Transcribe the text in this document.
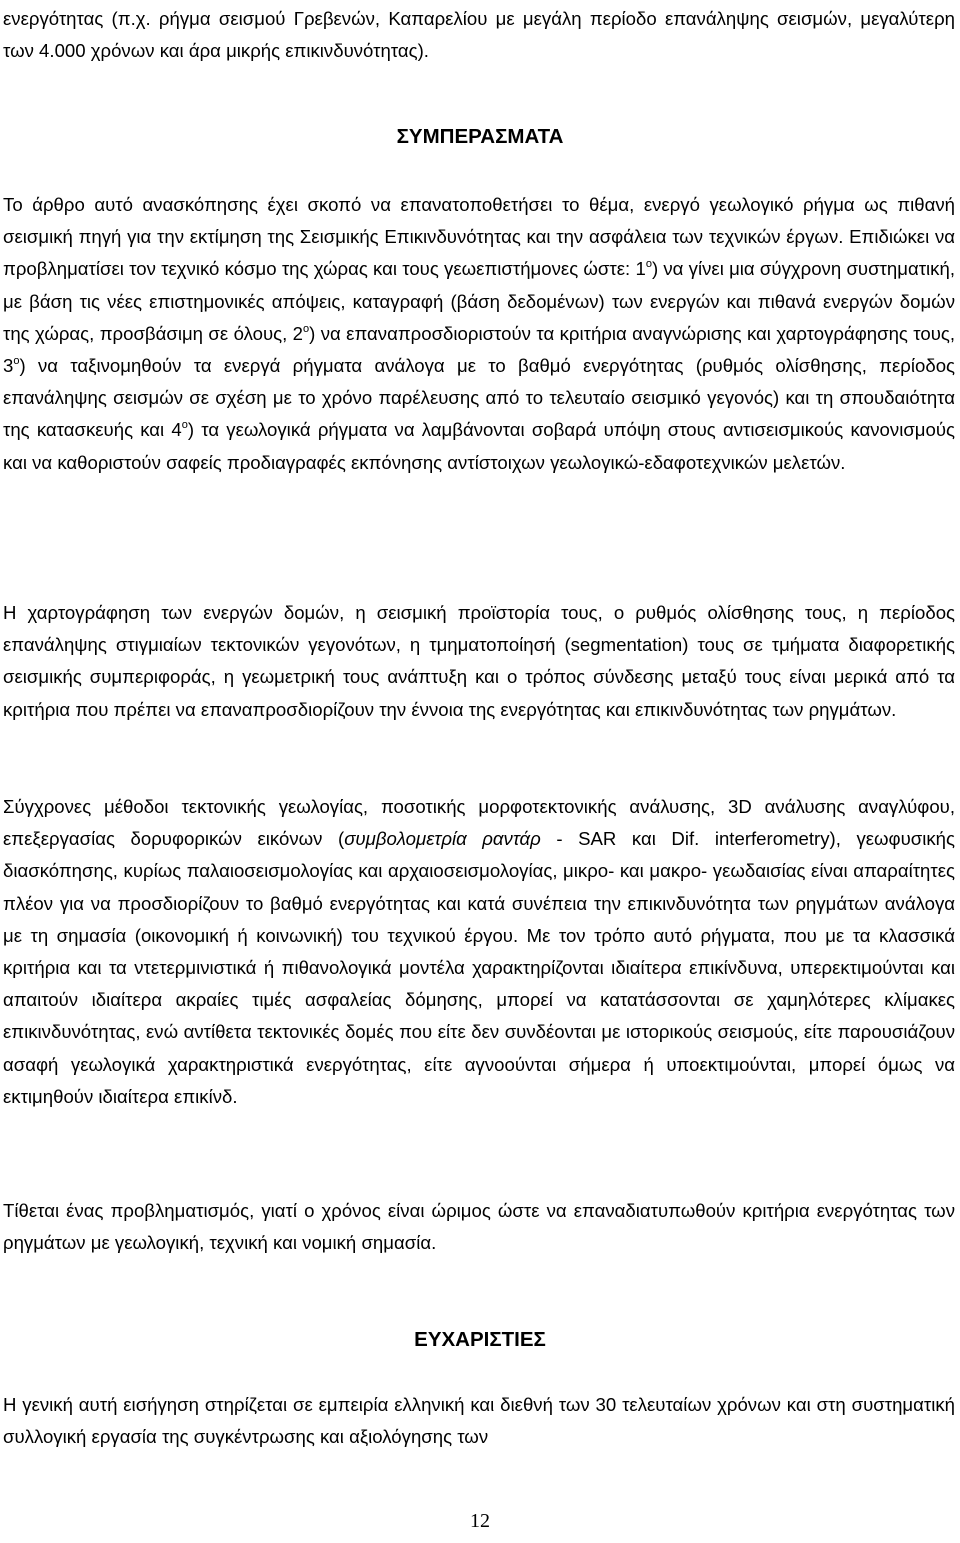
ενεργότητας (π.χ. ρήγμα σεισμού Γρεβενών, Καπαρελίου με μεγάλη περίοδο επανάληψης σεισμών, μεγαλύτερη των 4.000 χρόνων και άρα μικρής επικινδυνότητας).

ΣΥΜΠΕΡΑΣΜΑΤΑ

Το άρθρο αυτό ανασκόπησης έχει σκοπό να επανατοποθετήσει το θέμα, ενεργό γεωλογικό ρήγμα ως πιθανή σεισμική πηγή για την εκτίμηση της Σεισμικής Επικινδυνότητας και την ασφάλεια των τεχνικών έργων. Επιδιώκει να προβληματίσει τον τεχνικό κόσμο της χώρας και τους γεωεπιστήμονες ώστε: $1^o$) να γίνει μια σύγχρονη συστηματική, με βάση τις νέες επιστημονικές απόψεις, καταγραφή (βάση δεδομένων) των ενεργών και πιθανά ενεργών δομών της χώρας, προσβάσιμη σε όλους, $2^o$) να επαναπροσδιοριστούν τα κριτήρια αναγνώρισης και χαρτογράφησης τους, $3^o$) να ταξινομηθούν τα ενεργά ρήγματα ανάλογα με το βαθμό ενεργότητας (ρυθμός ολίσθησης, περίοδος επανάληψης σεισμών σε σχέση με το χρόνο παρέλευσης από το τελευταίο σεισμικό γεγονός) και τη σπουδαιότητα της κατασκευής και $4^o$) τα γεωλογικά ρήγματα να λαμβάνονται σοβαρά υπόψη στους αντισεισμικούς κανονισμούς και να καθοριστούν σαφείς προδιαγραφές εκπόνησης αντίστοιχων γεωλογικώ-εδαφοτεχνικών μελετών.

Η χαρτογράφηση των ενεργών δομών, η σεισμική προϊστορία τους, ο ρυθμός ολίσθησης τους, η περίοδος επανάληψης στιγμιαίων τεκτονικών γεγονότων, η τμηματοποίησή (segmentation) τους σε τμήματα διαφορετικής σεισμικής συμπεριφοράς, η γεωμετρική τους ανάπτυξη και ο τρόπος σύνδεσης μεταξύ τους είναι μερικά από τα κριτήρια που πρέπει να επαναπροσδιορίζουν την έννοια της ενεργότητας και επικινδυνότητας των ρηγμάτων.

Σύγχρονες μέθοδοι τεκτονικής γεωλογίας, ποσοτικής μορφοτεκτονικής ανάλυσης, 3D ανάλυσης αναγλύφου, επεξεργασίας δορυφορικών εικόνων (συμβολομετρία ραντάρ - SAR και Dif. interferometry), γεωφυσικής διασκόπησης, κυρίως παλαιοσεισμολογίας και αρχαιοσεισμολογίας, μικρο- και μακρο- γεωδαισίας είναι απαραίτητες πλέον για να προσδιορίζουν το βαθμό ενεργότητας και κατά συνέπεια την επικινδυνότητα των ρηγμάτων ανάλογα με τη σημασία (οικονομική ή κοινωνική) του τεχνικού έργου. Με τον τρόπο αυτό ρήγματα, που με τα κλασσικά κριτήρια και τα ντετερμινιστικά ή πιθανολογικά μοντέλα χαρακτηρίζονται ιδιαίτερα επικίνδυνα, υπερεκτιμούνται και απαιτούν ιδιαίτερα ακραίες τιμές ασφαλείας δόμησης, μπορεί να κατατάσσονται σε χαμηλότερες κλίμακες επικινδυνότητας, ενώ αντίθετα τεκτονικές δομές που είτε δεν συνδέονται με ιστορικούς σεισμούς, είτε παρουσιάζουν ασαφή γεωλογικά χαρακτηριστικά ενεργότητας, είτε αγνοούνται σήμερα ή υποεκτιμούνται, μπορεί όμως να εκτιμηθούν ιδιαίτερα επικίνδ.

Τίθεται ένας προβληματισμός, γιατί ο χρόνος είναι ώριμος ώστε να επαναδιατυπωθούν κριτήρια ενεργότητας των ρηγμάτων με γεωλογική, τεχνική και νομική σημασία.

ΕΥΧΑΡΙΣΤΙΕΣ

Η γενική αυτή εισήγηση στηρίζεται σε εμπειρία ελληνική και διεθνή των 30 τελευταίων χρόνων και στη συστηματική συλλογική εργασία της συγκέντρωσης και αξιολόγησης των

12
